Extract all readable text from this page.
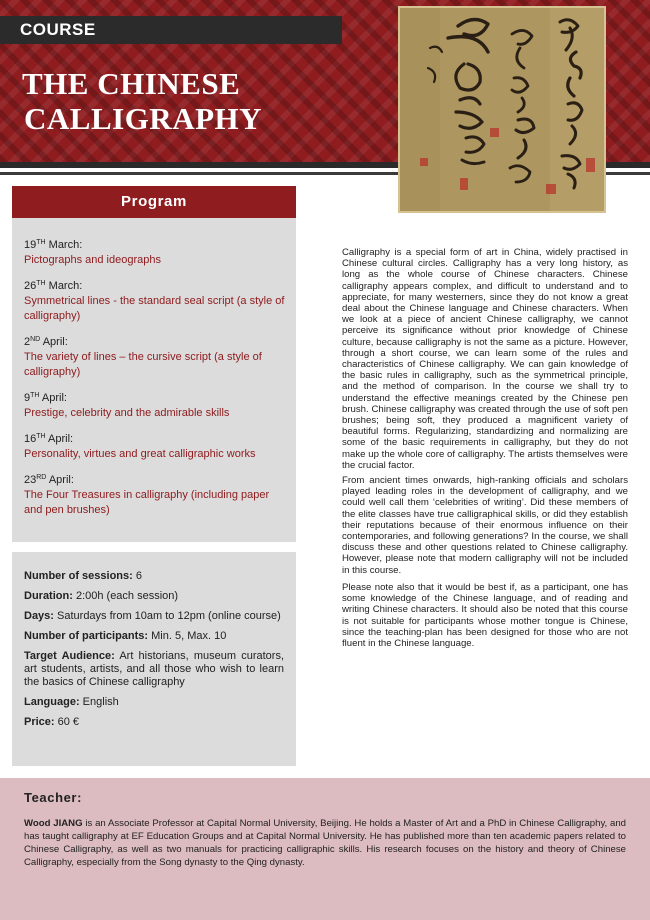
COURSE
THE CHINESE
CALLIGRAPHY
Program
19TH March:
Pictographs and ideographs
26TH March:
Symmetrical lines - the standard seal script (a style of calligraphy)
2ND April:
The variety of lines – the cursive script (a style of calligraphy)
9TH April:
Prestige, celebrity and the admirable skills
16TH April:
Personality, virtues and great calligraphic works
23RD April:
The Four Treasures in calligraphy (including paper and pen brushes)
Number of sessions: 6
Duration: 2:00h (each session)
Days: Saturdays from 10am to 12pm (online course)
Number of participants: Min. 5, Max. 10
Target Audience: Art historians, museum curators, art students, artists, and all those who wish to learn the basics of Chinese calligraphy
Language: English
Price: 60 €

Calligraphy is a special form of art in China, widely practised in Chinese cultural circles. Calligraphy has a very long history, as long as the whole course of Chinese characters. Chinese calligraphy appears complex, and difficult to understand and to appreciate, for many westerners, since they do not know a great deal about the Chinese language and Chinese characters. When we look at a piece of ancient Chinese calligraphy, we cannot perceive its significance without prior knowledge of Chinese culture, because calligraphy is not the same as a picture. However, through a short course, we can learn some of the rules and characteristics of Chinese calligraphy. We can gain knowledge of the basic rules in calligraphy, such as the symmetrical principle, and the method of comparison. In the course we shall try to understand the effective meanings created by the Chinese pen brush. Chinese calligraphy was created through the use of soft pen brushes; being soft, they produced a magnificent variety of beautiful forms. Regularizing, standardizing and normalizing are some of the basic requirements in calligraphy, but they do not make up the whole core of calligraphy. The artists themselves were the crucial factor.

From ancient times onwards, high-ranking officials and scholars played leading roles in the development of calligraphy, and we could well call them ‘celebrities of writing’. Did these members of the elite classes have true calligraphical skills, or did they establish their reputations because of their enormous influence on their contemporaries, and following generations? In the course, we shall discuss these and other questions related to Chinese calligraphy. However, please note that modern calligraphy will not be included in this course.

Please note also that it would be best if, as a participant, one has some knowledge of the Chinese language, and of reading and writing Chinese characters. It should also be noted that this course is not suitable for participants whose mother tongue is Chinese, since the teaching-plan has been designed for those who are not fluent in the Chinese language.

Teacher:
Wood JIANG is an Associate Professor at Capital Normal University, Beijing. He holds a Master of Art and a PhD in Chinese Calligraphy, and has taught calligraphy at EF Education Groups and at Capital Normal University. He has published more than ten academic papers related to Chinese Calligraphy, as well as two manuals for practicing calligraphic skills. His research focuses on the history and theory of Chinese Calligraphy, especially from the Song dynasty to the Qing dynasty.
